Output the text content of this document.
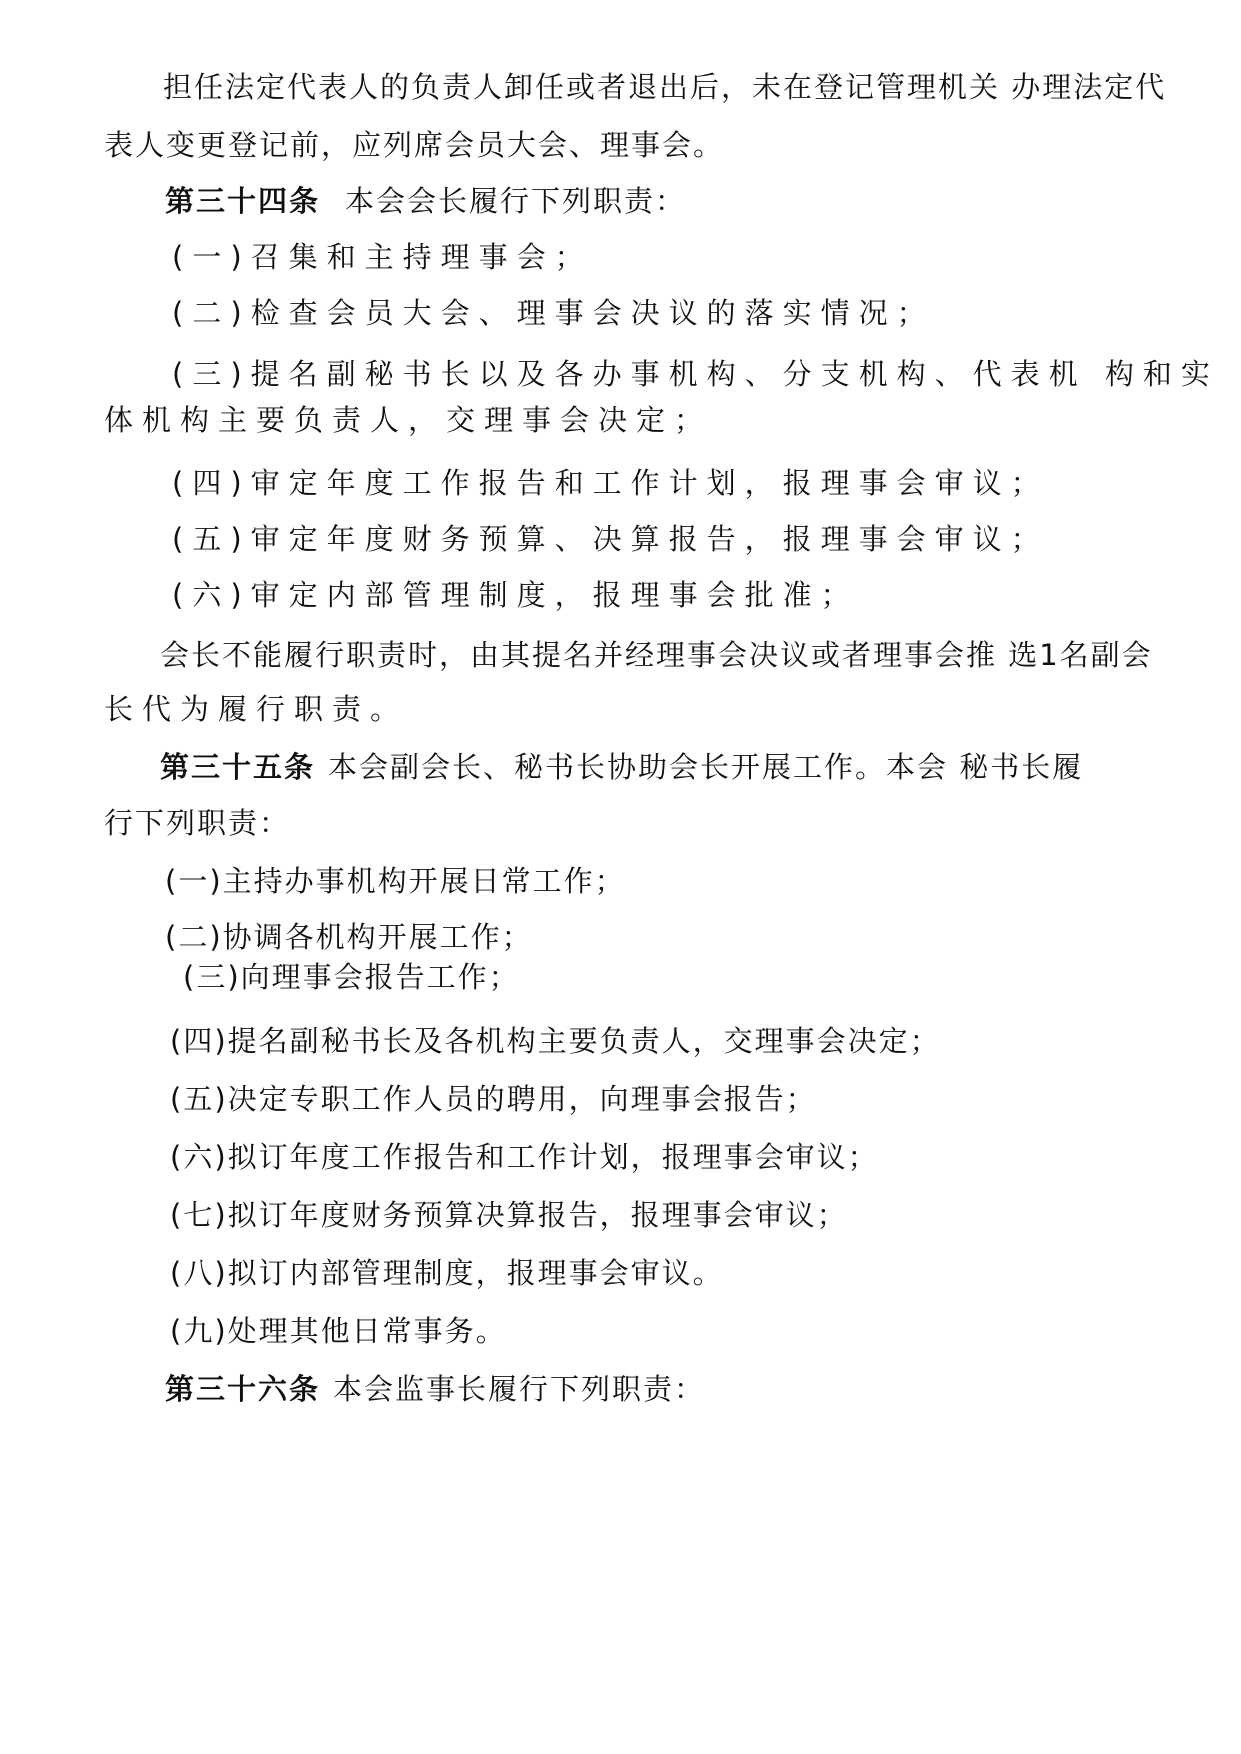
担任法定代表人的负责人卸任或者退出后，未在登记管理机关 办理法定代
表人变更登记前，应列席会员大会、理事会。
第三十四条 本会会长履行下列职责：
(一)召集和主持理事会；
(二)检查会员大会、理事会决议的落实情况；
(三)提名副秘书长以及各办事机构、分支机构、代表机 构和实
体机构主要负责人，交理事会决定；
(四)审定年度工作报告和工作计划，报理事会审议；
(五)审定年度财务预算、决算报告，报理事会审议；
(六)审定内部管理制度，报理事会批准；
会长不能履行职责时，由其提名并经理事会决议或者理事会推 选1名副会
长代为履行职责。
第三十五条 本会副会长、秘书长协助会长开展工作。本会 秘书长履
行下列职责：
(一)主持办事机构开展日常工作；
(二)协调各机构开展工作；
(三)向理事会报告工作；
(四)提名副秘书长及各机构主要负责人，交理事会决定；
(五)决定专职工作人员的聘用，向理事会报告；
(六)拟订年度工作报告和工作计划，报理事会审议；
(七)拟订年度财务预算决算报告，报理事会审议；
(八)拟订内部管理制度，报理事会审议。
(九)处理其他日常事务。
第三十六条 本会监事长履行下列职责：
